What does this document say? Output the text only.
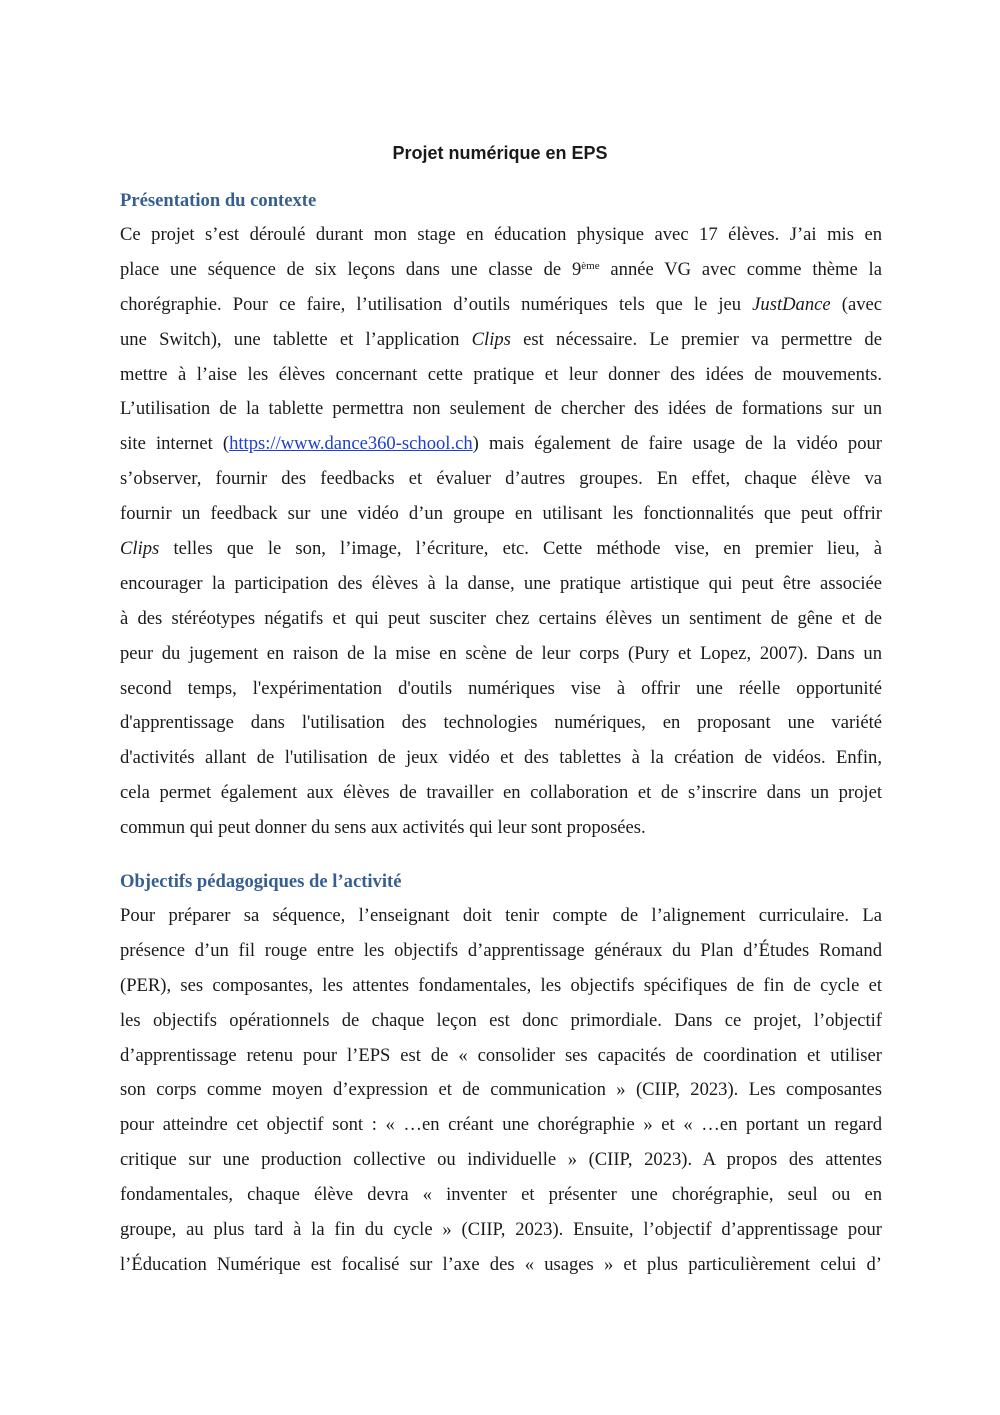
Projet numérique en EPS
Présentation du contexte
Ce projet s’est déroulé durant mon stage en éducation physique avec 17 élèves. J’ai mis en
place une séquence de six leçons dans une classe de 9ème année VG avec comme thème la
chorégraphie. Pour ce faire, l’utilisation d’outils numériques tels que le jeu JustDance (avec
une Switch), une tablette et l’application Clips est nécessaire. Le premier va permettre de
mettre à l’aise les élèves concernant cette pratique et leur donner des idées de mouvements.
L’utilisation de la tablette permettra non seulement de chercher des idées de formations sur un
site internet (https://www.dance360-school.ch) mais également de faire usage de la vidéo pour
s’observer, fournir des feedbacks et évaluer d’autres groupes. En effet, chaque élève va
fournir un feedback sur une vidéo d’un groupe en utilisant les fonctionnalités que peut offrir
Clips telles que le son, l’image, l’écriture, etc. Cette méthode vise, en premier lieu, à
encourager la participation des élèves à la danse, une pratique artistique qui peut être associée
à des stéréotypes négatifs et qui peut susciter chez certains élèves un sentiment de gêne et de
peur du jugement en raison de la mise en scène de leur corps (Pury et Lopez, 2007). Dans un
second temps, l'expérimentation d'outils numériques vise à offrir une réelle opportunité
d'apprentissage dans l'utilisation des technologies numériques, en proposant une variété
d'activités allant de l'utilisation de jeux vidéo et des tablettes à la création de vidéos. Enfin,
cela permet également aux élèves de travailler en collaboration et de s’inscrire dans un projet
commun qui peut donner du sens aux activités qui leur sont proposées.
Objectifs pédagogiques de l’activité
Pour préparer sa séquence, l’enseignant doit tenir compte de l’alignement curriculaire. La
présence d’un fil rouge entre les objectifs d’apprentissage généraux du Plan d’Études Romand
(PER), ses composantes, les attentes fondamentales, les objectifs spécifiques de fin de cycle et
les objectifs opérationnels de chaque leçon est donc primordiale. Dans ce projet, l’objectif
d’apprentissage retenu pour l’EPS est de « consolider ses capacités de coordination et utiliser
son corps comme moyen d’expression et de communication » (CIIP, 2023). Les composantes
pour atteindre cet objectif sont : « …en créant une chorégraphie » et « …en portant un regard
critique sur une production collective ou individuelle » (CIIP, 2023). A propos des attentes
fondamentales, chaque élève devra « inventer et présenter une chorégraphie, seul ou en
groupe, au plus tard à la fin du cycle » (CIIP, 2023). Ensuite, l’objectif d’apprentissage pour
l’Éducation Numérique est focalisé sur l’axe des « usages » et plus particulièrement celui d’
